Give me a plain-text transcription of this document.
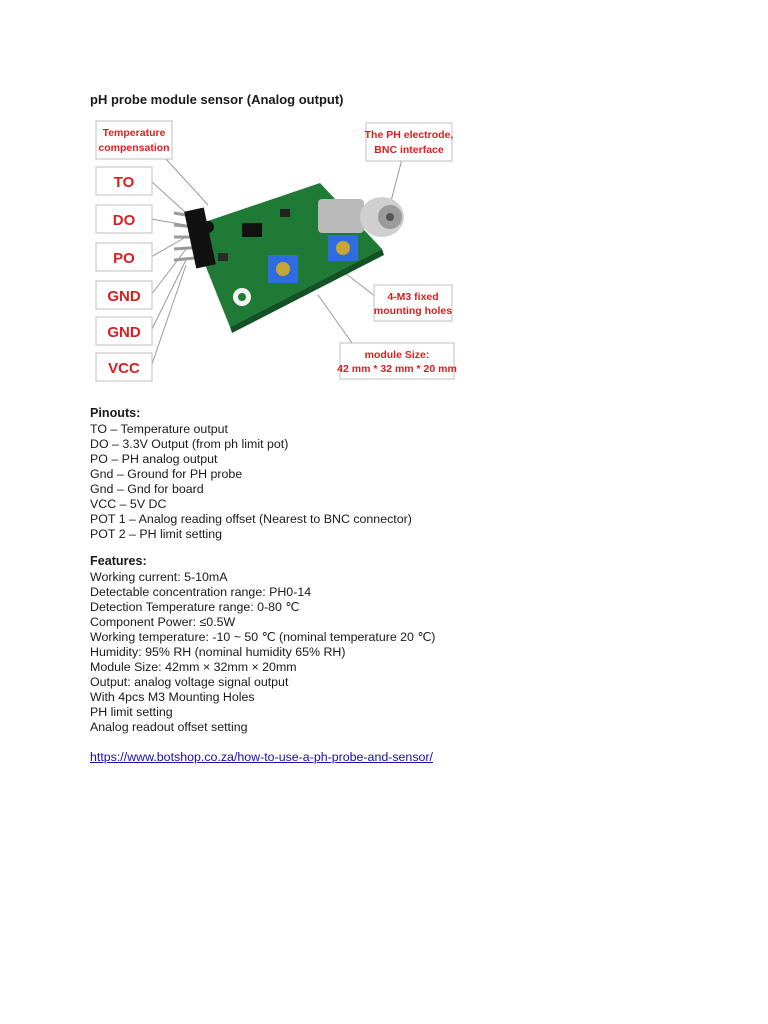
pH probe module sensor (Analog output)
TO
DO
PO
GND
GND
VCC
Temperature
compensation
The PH electrode,
BNC interface
4-M3 fixed
mounting holes
module Size:
42 mm * 32 mm * 20 mm
Pinouts:
TO – Temperature output
DO – 3.3V Output (from ph limit pot)
PO – PH analog output
Gnd – Ground for PH probe
Gnd – Gnd for board
VCC – 5V DC
POT 1 – Analog reading offset (Nearest to BNC connector)
POT 2 – PH limit setting
Features:
Working current: 5-10mA
Detectable concentration range: PH0-14
Detection Temperature range: 0-80 ℃
Component Power: ≤0.5W
Working temperature: -10 ~ 50 ℃ (nominal temperature 20 ℃)
Humidity: 95% RH (nominal humidity 65% RH)
Module Size: 42mm × 32mm × 20mm
Output: analog voltage signal output
With 4pcs M3 Mounting Holes
PH limit setting
Analog readout offset setting
https://www.botshop.co.za/how-to-use-a-ph-probe-and-sensor/
